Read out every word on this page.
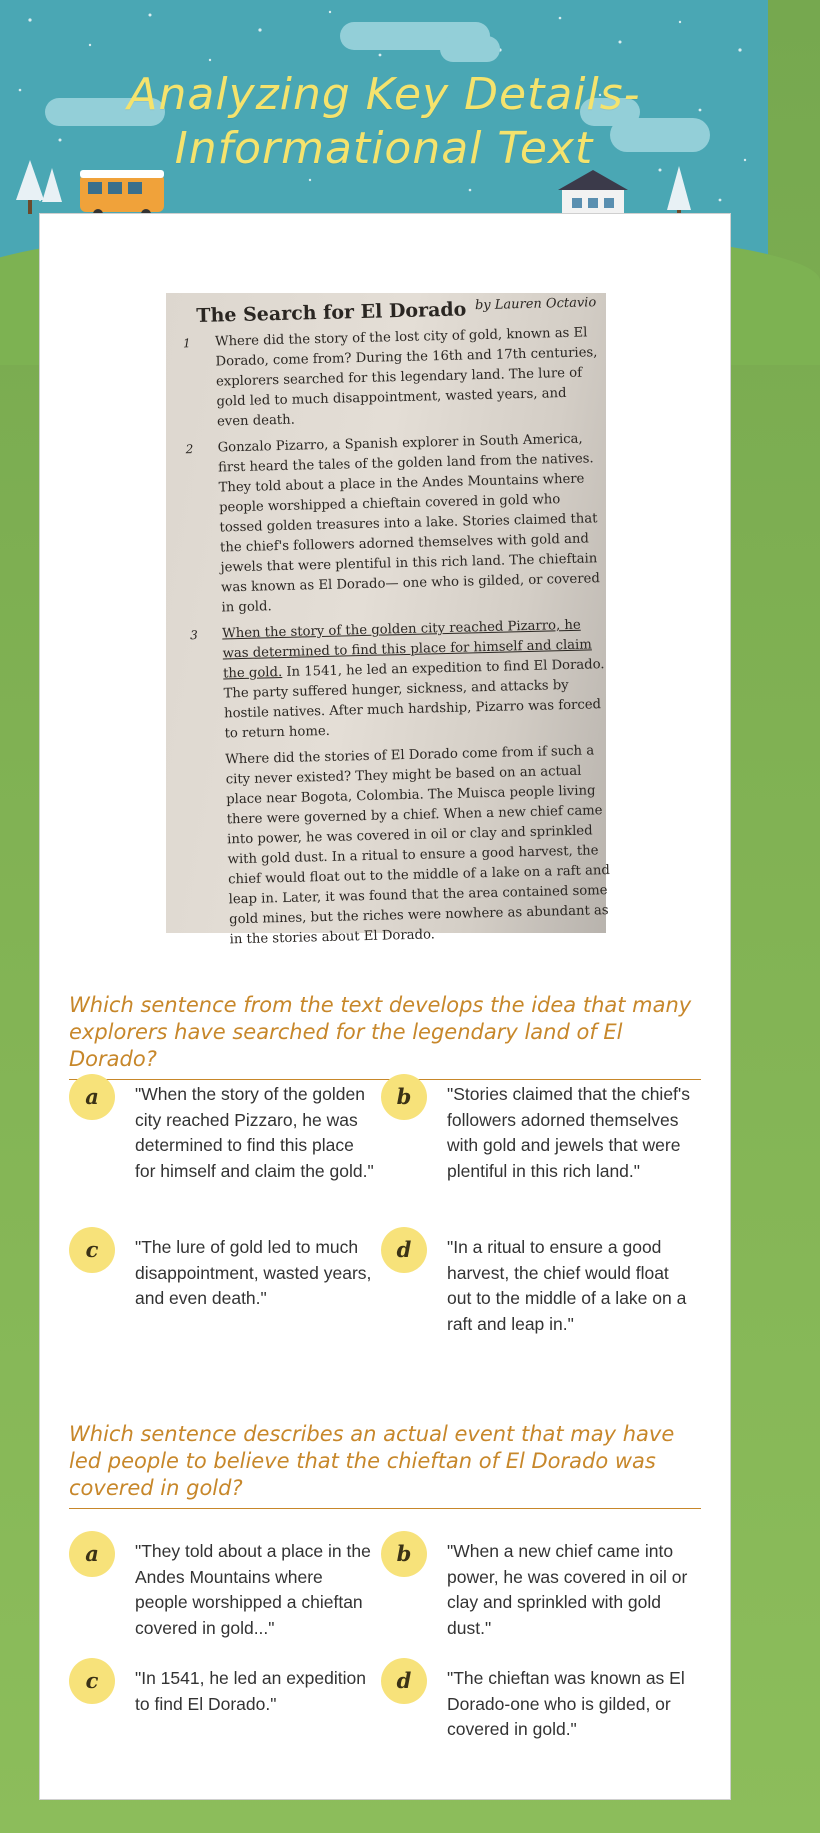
Analyzing Key Details- Informational Text
The Search for El Dorado by Lauren Octavio
1 Where did the story of the lost city of gold, known as El Dorado, come from? During the 16th and 17th centuries, explorers searched for this legendary land. The lure of gold led to much disappointment, wasted years, and even death.
2 Gonzalo Pizarro, a Spanish explorer in South America, first heard the tales of the golden land from the natives. They told about a place in the Andes Mountains where people worshipped a chieftain covered in gold who tossed golden treasures into a lake. Stories claimed that the chief's followers adorned themselves with gold and jewels that were plentiful in this rich land. The chieftain was known as El Dorado— one who is gilded, or covered in gold.
3 When the story of the golden city reached Pizarro, he was determined to find this place for himself and claim the gold. In 1541, he led an expedition to find El Dorado. The party suffered hunger, sickness, and attacks by hostile natives. After much hardship, Pizarro was forced to return home.
Where did the stories of El Dorado come from if such a city never existed? They might be based on an actual place near Bogota, Colombia. The Muisca people living there were governed by a chief. When a new chief came into power, he was covered in oil or clay and sprinkled with gold dust. In a ritual to ensure a good harvest, the chief would float out to the middle of a lake on a raft and leap in. Later, it was found that the area contained some gold mines, but the riches were nowhere as abundant as in the stories about El Dorado.
Which sentence from the text develops the idea that many explorers have searched for the legendary land of El Dorado?
a	"When the story of the golden city reached Pizzaro, he was determined to find this place for himself and claim the gold."
b	"Stories claimed that the chief's followers adorned themselves with gold and jewels that were plentiful in this rich land."
c	"The lure of gold led to much disappointment, wasted years, and even death."
d	"In a ritual to ensure a good harvest, the chief would float out to the middle of a lake on a raft and leap in."
Which sentence describes an actual event that may have led people to believe that the chieftan of El Dorado was covered in gold?
a	"They told about a place in the Andes Mountains where people worshipped a chieftan covered in gold..."
b	"When a new chief came into power, he was covered in oil or clay and sprinkled with gold dust."
c	"In 1541, he led an expedition to find El Dorado."
d	"The chieftan was known as El Dorado-one who is gilded, or covered in gold."
